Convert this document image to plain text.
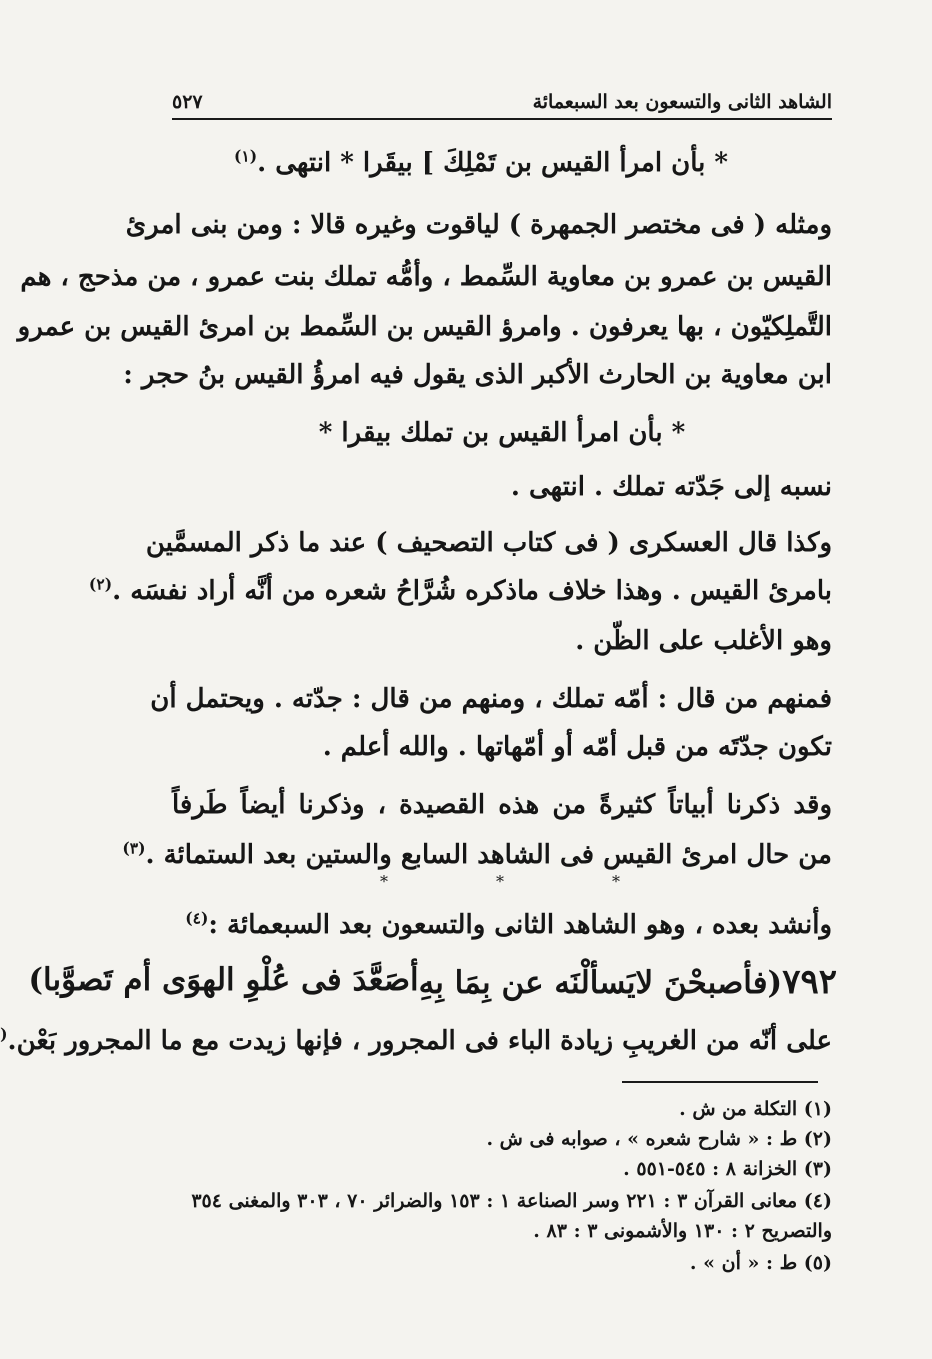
الشاهد الثانى والتسعون بعد السبعمائة
٥٢٧
* بأن امرأ القيس بن تَمْلِكَ ] بيقَرا * انتهى .$^{(١)}$
ومثله ( فى مختصر الجمهرة ) لياقوت وغيره قالا : ومن بنى امرئ
القيس بن عمرو بن معاوية السِّمط ، وأمُّه تملك بنت عمرو ، من مذحج ، هم
التَّملِكيّون ، بها يعرفون . وامرؤ القيس بن السِّمط بن امرئ القيس بن عمرو
ابن معاوية بن الحارث الأكبر الذى يقول فيه امرؤُ القيس بنُ حجر :
* بأن امرأ القيس بن تملك بيقرا *
نسبه إلى جَدّته تملك . انتهى .
وكذا قال العسكرى ( فى كتاب التصحيف ) عند ما ذكر المسمَّين
بامرئ القيس . وهذا خلاف ماذكره شُرَّاحُ شعره من أنَّه أراد نفسَه .$^{(٢)}$
وهو الأغلب على الظّن .
فمنهم من قال : أمّه تملك ، ومنهم من قال : جدّته . ويحتمل أن
تكون جدّتَه من قبل أمّه أو أمّهاتها . والله أعلم .
وقد ذكرنا أبياتاً كثيرةً من هذه القصيدة ، وذكرنا أيضاً طَرفاً
من حال امرئ القيس فى الشاهد السابع والستين بعد الستمائة .$^{(٣)}$
*	*	*
وأنشد بعده ، وهو الشاهد الثانى والتسعون بعد السبعمائة :$^{(٤)}$
٧٩٢(فأصبحْنَ لايَسألْنَه عن بِمَا بِهِ
أصَعَّدَ فى عُلْوِ الهوَى أم تَصوَّبا)
على أنّه من الغريبِ زيادة الباء فى المجرور ، فإنها زيدت مع ما المجرور بَعْن.(
(١) التكلة من ش .
(٢) ط : « شارح شعره » ، صوابه فى ش .
(٣) الخزانة ٨ : ٥٤٥-٥٥١ .
(٤) معانى القرآن ٣ : ٢٢١ وسر الصناعة ١ : ١٥٣ والضرائر ٧٠ ، ٣٠٣ والمغنى ٣٥٤
والتصريح ٢ : ١٣٠ والأشمونى ٣ : ٨٣ .
(٥) ط : « أن » .
